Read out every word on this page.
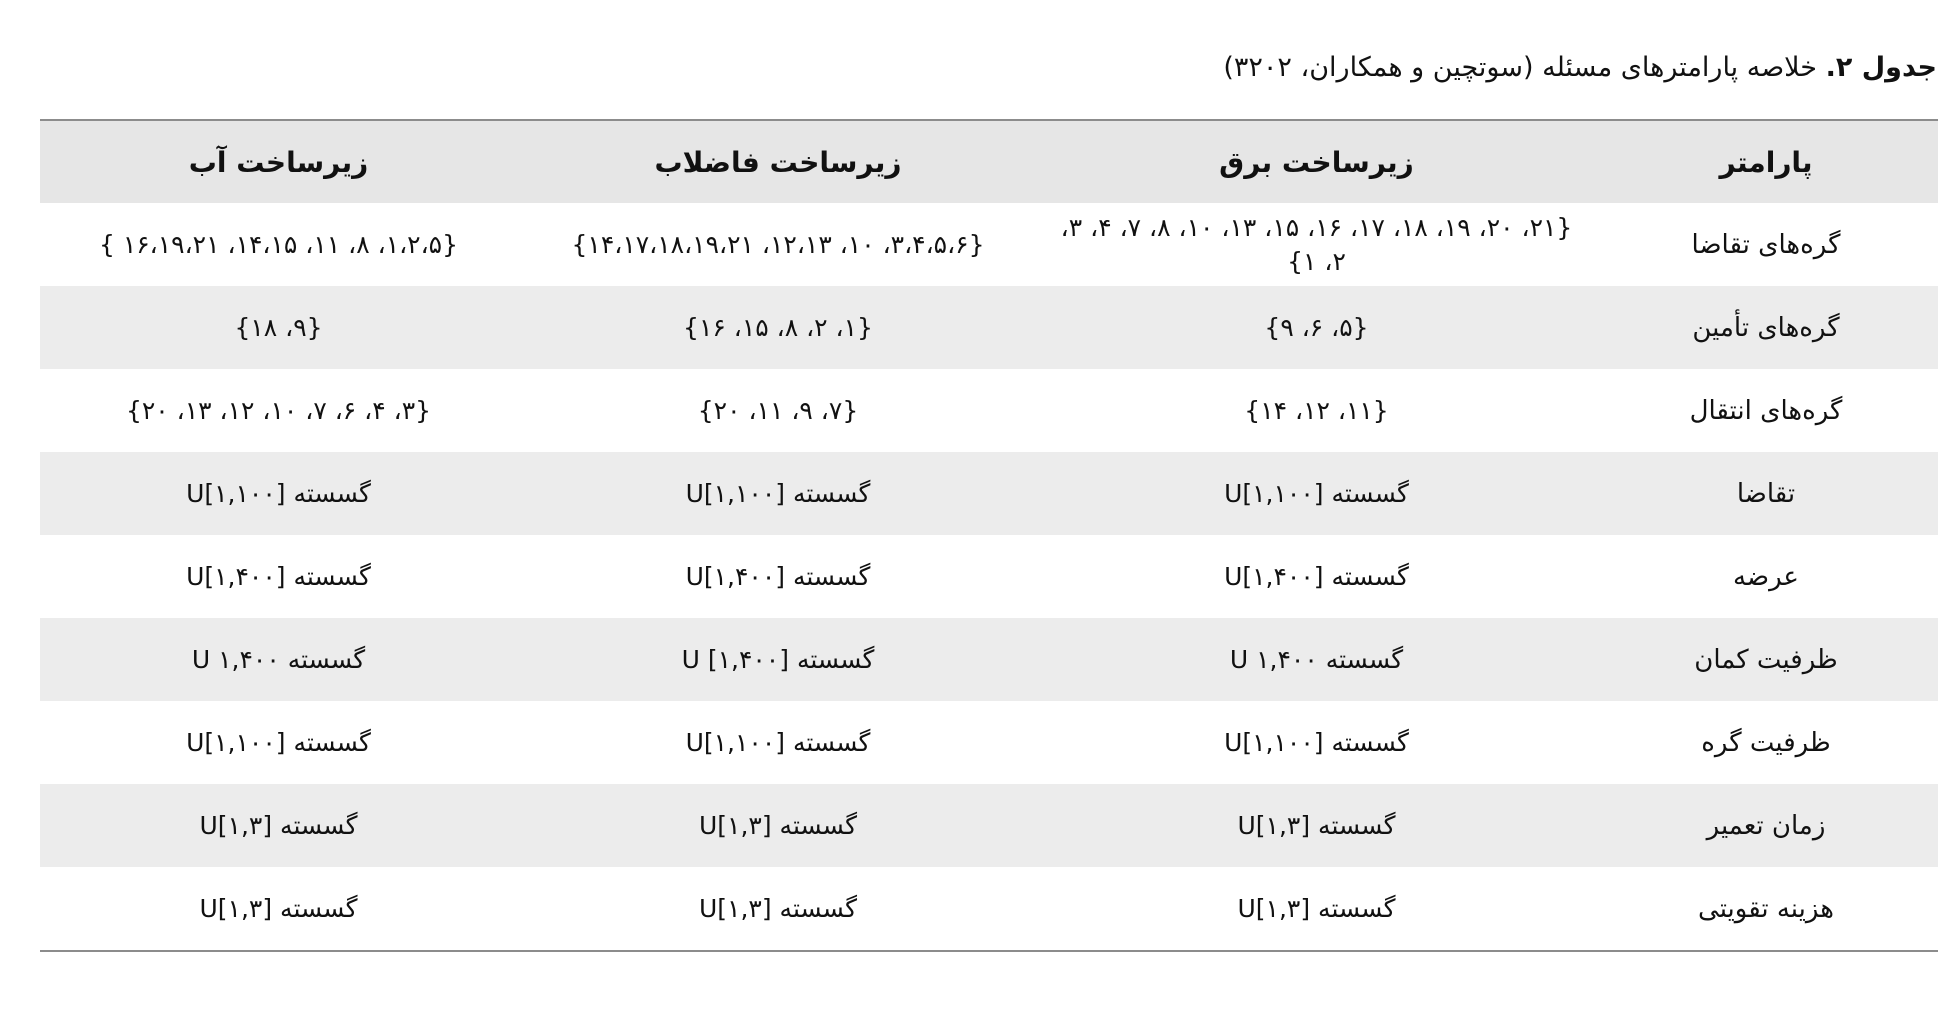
جدول ۲. خلاصه پارامترهای مسئله (سوتچین و همکاران، ۳۲۰۲)
پارامتر	زیرساخت برق	زیرساخت فاضلاب	زیرساخت آب
گره‌های تقاضا	{۲۱، ۲۰، ۱۹، ۱۸، ۱۷، ۱۶، ۱۵، ۱۳، ۱۰، ۸، ۷، ۴، ۳، ۲، ۱}	{۳،۴،۵،۶، ۱۰، ۱۲،۱۳، ۱۴،۱۷،۱۸،۱۹،۲۱}	{۱،۲،۵، ۸، ۱۱، ۱۴،۱۵، ۱۶،۱۹،۲۱ }
گره‌های تأمین	{۵، ۶، ۹}	{۱، ۲، ۸، ۱۵، ۱۶}	{۹، ۱۸}
گره‌های انتقال	{۱۱، ۱۲، ۱۴}	{۷، ۹، ۱۱، ۲۰}	{۳، ۴، ۶، ۷، ۱۰، ۱۲، ۱۳، ۲۰}
تقاضا	گسسته U[۱,۱۰۰]	گسسته U[۱,۱۰۰]	گسسته U[۱,۱۰۰]
عرضه	گسسته U[۱,۴۰۰]	گسسته U[۱,۴۰۰]	گسسته U[۱,۴۰۰]
ظرفیت کمان	گسسته U ۱,۴۰۰	گسسته U [۱,۴۰۰]	گسسته U ۱,۴۰۰
ظرفیت گره	گسسته U[۱,۱۰۰]	گسسته U[۱,۱۰۰]	گسسته U[۱,۱۰۰]
زمان تعمیر	گسسته U[۱,۳]	گسسته U[۱,۳]	گسسته U[۱,۳]
هزینه تقویتی	گسسته U[۱,۳]	گسسته U[۱,۳]	گسسته U[۱,۳]
